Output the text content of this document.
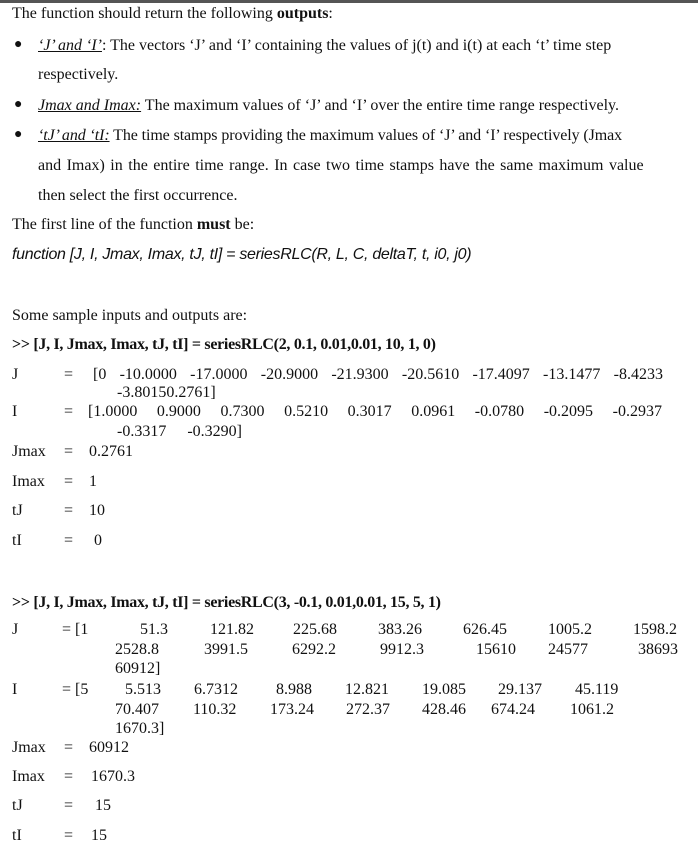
The function should return the following outputs:
● ‘J’ and ‘I’: The vectors ‘J’ and ‘I’ containing the values of j(t) and i(t) at each ‘t’ time step
respectively.
● Jmax and Imax: The maximum values of ‘J’ and ‘I’ over the entire time range respectively.
● ‘tJ’ and ‘tI: The time stamps providing the maximum values of ‘J’ and ‘I’ respectively (Jmax
and Imax) in the entire time range. In case two time stamps have the same maximum value
then select the first occurrence.
The first line of the function must be:
function [J, I, Jmax, Imax, tJ, tI] = seriesRLC(R, L, C, deltaT, t, i0, j0)
Some sample inputs and outputs are:
>> [J, I, Jmax, Imax, tJ, tI] = seriesRLC(2, 0.1, 0.01,0.01, 10, 1, 0)
J	= [0 -10.0000 -17.0000 -20.9000 -21.9300 -20.5610 -17.4097 -13.1477 -8.4233
-3.8015 0.2761]
I	= [1.0000 0.9000 0.7300 0.5210 0.3017 0.0961 -0.0780 -0.2095 -0.2937
-0.3317 -0.3290]
Jmax = 0.2761
Imax = 1
tJ	= 10
tI	= 0
>> [J, I, Jmax, Imax, tJ, tI] = seriesRLC(3, -0.1, 0.01,0.01, 15, 5, 1)
J	= [1	51.3	121.82 225.68	383.26	626.45	1005.2	1598.2
2528.8	3991.5	6292.2	9912.3	15610 24577	38693
60912]
I	= [5 5.513 6.7312 8.988 12.821 19.085 29.137 45.119
70.407 110.32 173.24 272.37 428.46 674.24 1061.2
1670.3]
Jmax = 60912
Imax = 1670.3
tJ	= 15
tI	= 15
